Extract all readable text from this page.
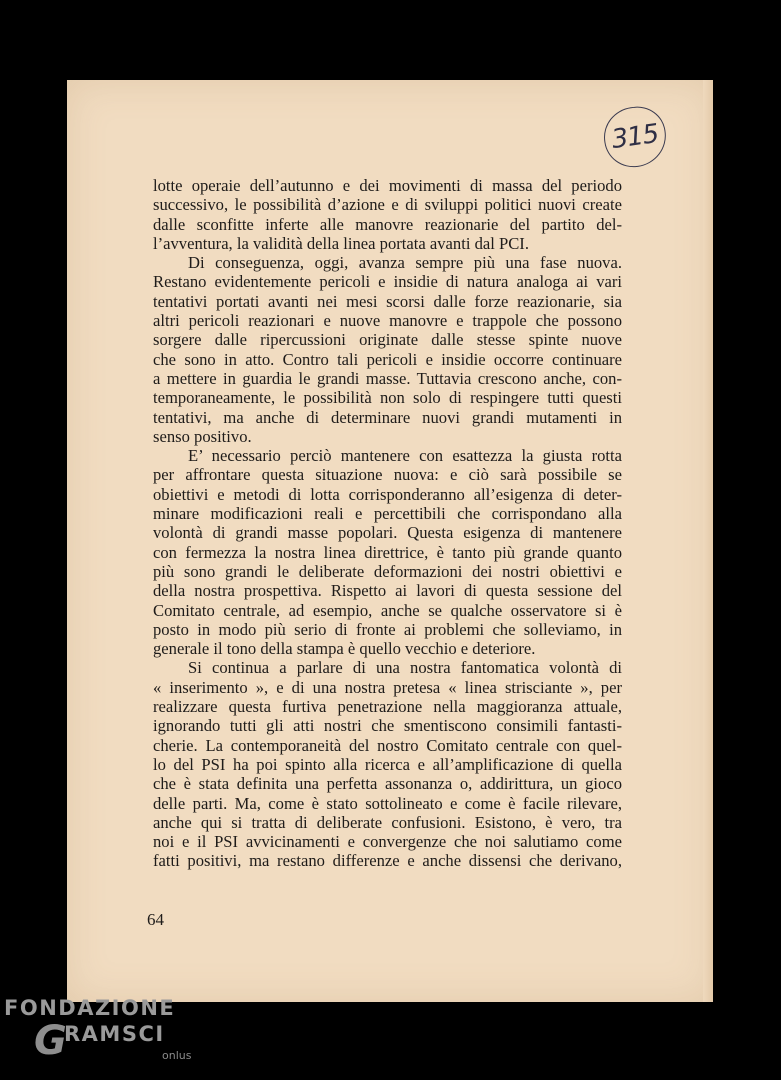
315
lotte operaie dell’autunno e dei movimenti di massa del periodo
successivo, le possibilità d’azione e di sviluppi politici nuovi create
dalle sconfitte inferte alle manovre reazionarie del partito del-
l’avventura, la validità della linea portata avanti dal PCI.
Di conseguenza, oggi, avanza sempre più una fase nuova.
Restano evidentemente pericoli e insidie di natura analoga ai vari
tentativi portati avanti nei mesi scorsi dalle forze reazionarie, sia
altri pericoli reazionari e nuove manovre e trappole che possono
sorgere dalle ripercussioni originate dalle stesse spinte nuove
che sono in atto. Contro tali pericoli e insidie occorre continuare
a mettere in guardia le grandi masse. Tuttavia crescono anche, con-
temporaneamente, le possibilità non solo di respingere tutti questi
tentativi, ma anche di determinare nuovi grandi mutamenti in
senso positivo.
E’ necessario perciò mantenere con esattezza la giusta rotta
per affrontare questa situazione nuova: e ciò sarà possibile se
obiettivi e metodi di lotta corrisponderanno all’esigenza di deter-
minare modificazioni reali e percettibili che corrispondano alla
volontà di grandi masse popolari. Questa esigenza di mantenere
con fermezza la nostra linea direttrice, è tanto più grande quanto
più sono grandi le deliberate deformazioni dei nostri obiettivi e
della nostra prospettiva. Rispetto ai lavori di questa sessione del
Comitato centrale, ad esempio, anche se qualche osservatore si è
posto in modo più serio di fronte ai problemi che solleviamo, in
generale il tono della stampa è quello vecchio e deteriore.
Si continua a parlare di una nostra fantomatica volontà di
« inserimento », e di una nostra pretesa « linea strisciante », per
realizzare questa furtiva penetrazione nella maggioranza attuale,
ignorando tutti gli atti nostri che smentiscono consimili fantasti-
cherie. La contemporaneità del nostro Comitato centrale con quel-
lo del PSI ha poi spinto alla ricerca e all’amplificazione di quella
che è stata definita una perfetta assonanza o, addirittura, un gioco
delle parti. Ma, come è stato sottolineato e come è facile rilevare,
anche qui si tratta di deliberate confusioni. Esistono, è vero, tra
noi e il PSI avvicinamenti e convergenze che noi salutiamo come
fatti positivi, ma restano differenze e anche dissensi che derivano,
64
FONDAZIONE
G
RAMSCI
onlus
